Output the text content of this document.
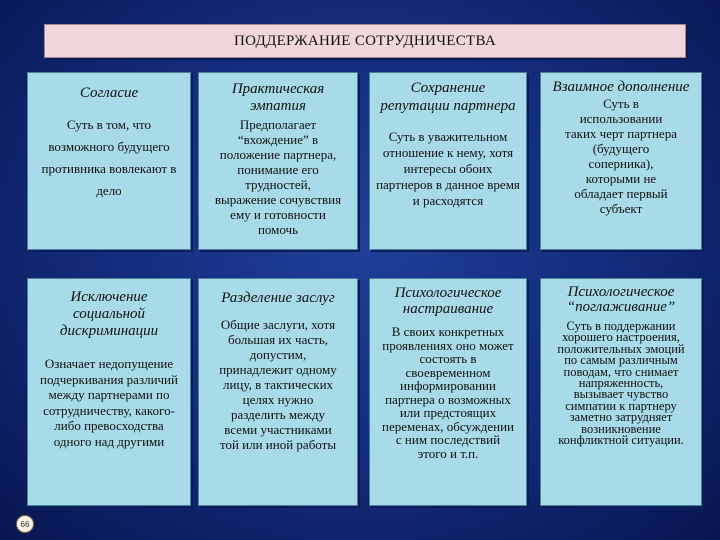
ПОДДЕРЖАНИЕ СОТРУДНИЧЕСТВА
Согласие
Суть в том, что возможного будущего противника вовлекают в дело
Практическая эмпатия
Предполагает “вхождение” в положение партнера, понимание его трудностей, выражение сочувствия ему и готовности помочь
Сохранение репутации партнера
Суть в уважительном отношение к нему, хотя интересы обоих партнеров в данное время и расходятся
Взаимное дополнение
Суть в использовании таких черт партнера (будущего соперника), которыми не обладает первый субъект
Исключение социальной дискриминации
Означает недопущение подчеркивания различий между партнерами по сотрудничеству, какого-либо превосходства одного над другими
Разделение заслуг
Общие заслуги, хотя большая их часть, допустим, принадлежит одному лицу, в тактических целях нужно разделить между всеми участниками той или иной работы
Психологическое настраивание
В своих конкретных проявлениях оно может состоять в своевременном информировании партнера о возможных или предстоящих переменах, обсуждении с ним последствий этого и т.п.
Психологическое “поглаживание”
Суть в поддержании хорошего настроения, положительных эмоций по самым различным поводам, что снимает напряженность, вызывает чувство симпатии к партнеру заметно затрудняет возникновение конфликтной ситуации.
66
